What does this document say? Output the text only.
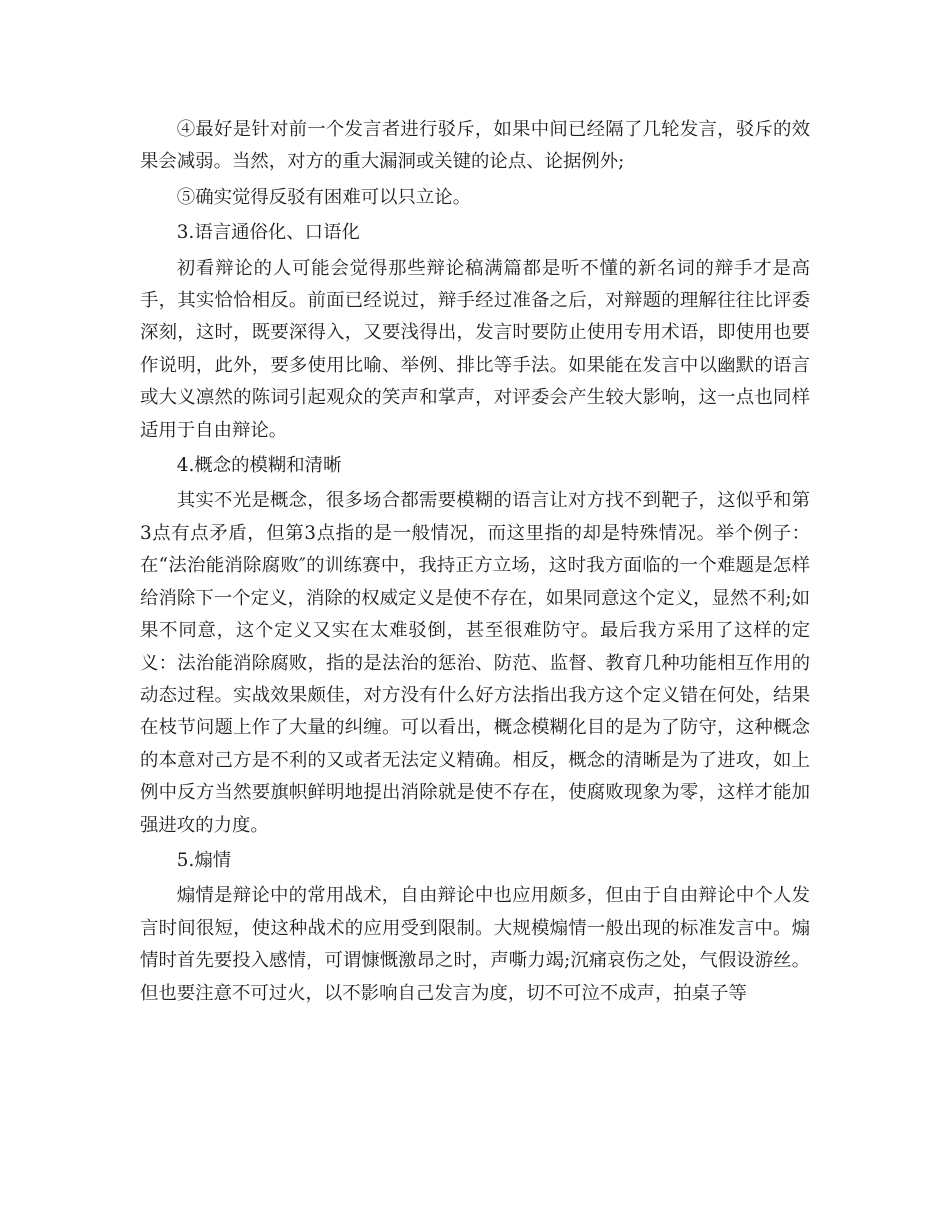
④最好是针对前一个发言者进行驳斥，如果中间已经隔了几轮发言，驳斥的效果会减弱。当然，对方的重大漏洞或关键的论点、论据例外;

⑤确实觉得反驳有困难可以只立论。

3.语言通俗化、口语化

初看辩论的人可能会觉得那些辩论稿满篇都是听不懂的新名词的辩手才是高手，其实恰恰相反。前面已经说过，辩手经过准备之后，对辩题的理解往往比评委深刻，这时，既要深得入，又要浅得出，发言时要防止使用专用术语，即使用也要作说明，此外，要多使用比喻、举例、排比等手法。如果能在发言中以幽默的语言或大义凛然的陈词引起观众的笑声和掌声，对评委会产生较大影响，这一点也同样适用于自由辩论。

4.概念的模糊和清晰

其实不光是概念，很多场合都需要模糊的语言让对方找不到靶子，这似乎和第3点有点矛盾，但第3点指的是一般情况，而这里指的却是特殊情况。举个例子：在“法治能消除腐败″的训练赛中，我持正方立场，这时我方面临的一个难题是怎样给消除下一个定义，消除的权威定义是使不存在，如果同意这个定义，显然不利;如果不同意，这个定义又实在太难驳倒，甚至很难防守。最后我方采用了这样的定义：法治能消除腐败，指的是法治的惩治、防范、监督、教育几种功能相互作用的动态过程。实战效果颇佳，对方没有什么好方法指出我方这个定义错在何处，结果在枝节问题上作了大量的纠缠。可以看出，概念模糊化目的是为了防守，这种概念的本意对己方是不利的又或者无法定义精确。相反，概念的清晰是为了进攻，如上例中反方当然要旗帜鲜明地提出消除就是使不存在，使腐败现象为零，这样才能加强进攻的力度。

5.煽情

煽情是辩论中的常用战术，自由辩论中也应用颇多，但由于自由辩论中个人发言时间很短，使这种战术的应用受到限制。大规模煽情一般出现的标准发言中。煽情时首先要投入感情，可谓慷慨激昂之时，声嘶力竭;沉痛哀伤之处，气假设游丝。但也要注意不可过火，以不影响自己发言为度，切不可泣不成声，拍桌子等
